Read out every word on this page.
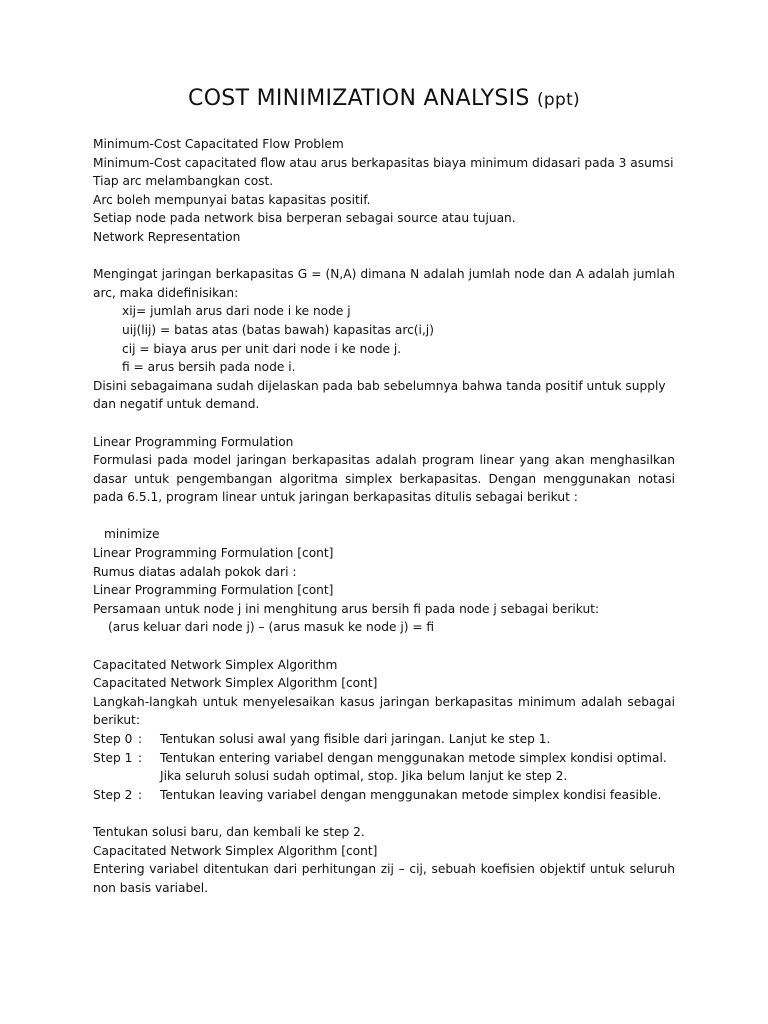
COST MINIMIZATION ANALYSIS (ppt)

Minimum-Cost Capacitated Flow Problem

Minimum-Cost capacitated flow atau arus berkapasitas biaya minimum didasari pada 3 asumsi

Tiap arc melambangkan cost.

Arc boleh mempunyai batas kapasitas positif.

Setiap node pada network bisa berperan sebagai source atau tujuan.

Network Representation

Mengingat jaringan berkapasitas G = (N,A) dimana N adalah jumlah node dan A adalah jumlah arc, maka didefinisikan:

xij= jumlah arus dari node i ke node j

uij(lij) = batas atas (batas bawah) kapasitas arc(i,j)

cij = biaya arus per unit dari node i ke node j.

fi = arus bersih pada node i.

Disini sebagaimana sudah dijelaskan pada bab sebelumnya bahwa tanda positif untuk supply dan negatif untuk demand.

Linear Programming Formulation

Formulasi pada model jaringan berkapasitas adalah program linear yang akan menghasilkan dasar untuk pengembangan algoritma simplex berkapasitas. Dengan menggunakan notasi pada 6.5.1, program linear untuk jaringan berkapasitas ditulis sebagai berikut :

minimize

Linear Programming Formulation [cont]

Rumus diatas adalah pokok dari :

Linear Programming Formulation [cont]

Persamaan untuk node j ini menghitung arus bersih fi pada node j sebagai berikut:

(arus keluar dari node j) – (arus masuk ke node j) = fi

Capacitated Network Simplex Algorithm

Capacitated Network Simplex Algorithm [cont]

Langkah-langkah untuk menyelesaikan kasus jaringan berkapasitas minimum adalah sebagai berikut:

Step 0 :	Tentukan solusi awal yang fisible dari jaringan. Lanjut ke step 1.
Step 1 :	Tentukan entering variabel dengan menggunakan metode simplex kondisi optimal. Jika seluruh solusi sudah optimal, stop. Jika belum lanjut ke step 2.
Step 2 :	Tentukan leaving variabel dengan menggunakan metode simplex kondisi feasible.

Tentukan solusi baru, dan kembali ke step 2.

Capacitated Network Simplex Algorithm [cont]

Entering variabel ditentukan dari perhitungan zij – cij, sebuah koefisien objektif untuk seluruh non basis variabel.
